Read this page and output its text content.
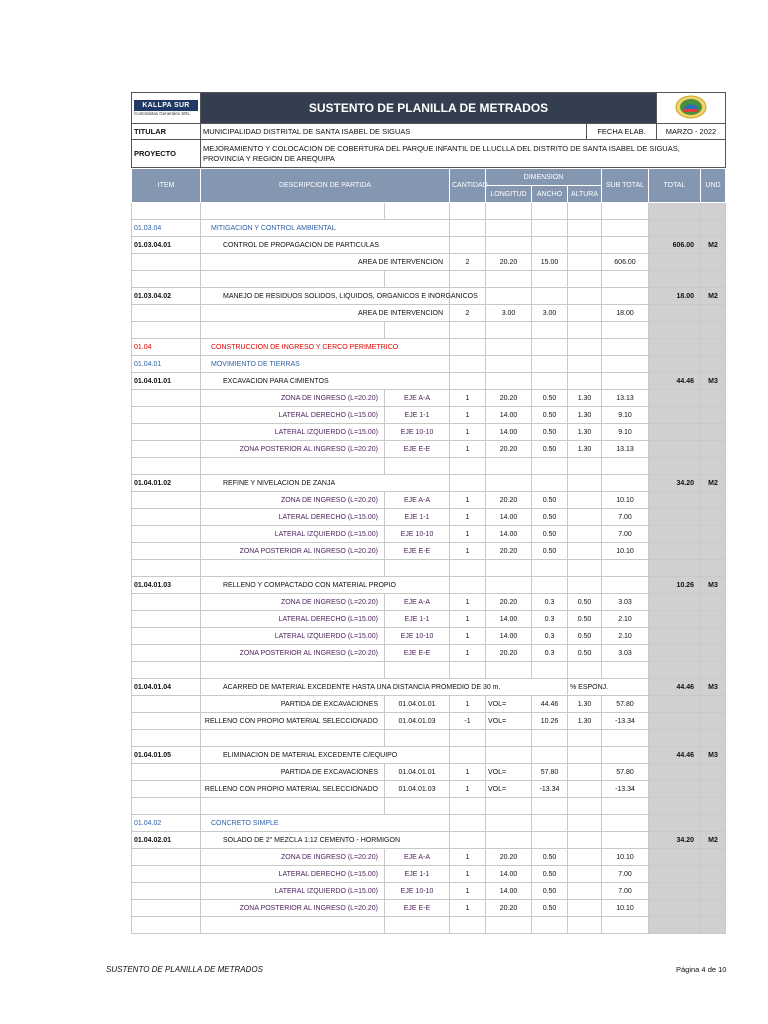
KALLPA SUR
Contratistas Generales SRL	SUSTENTO DE PLANILLA DE METRADOS	
TITULAR	MUNICIPALIDAD DISTRITAL DE SANTA ISABEL DE SIGUAS	FECHA ELAB.	MARZO - 2022
PROYECTO	MEJORAMIENTO Y COLOCACION DE COBERTURA DEL PARQUE INFANTIL DE LLUCLLA DEL DISTRITO DE SANTA ISABEL DE SIGUAS, PROVINCIA Y REGION DE AREQUIPA		
ITEM	DESCRIPCION DE PARTIDA		CANTIDAD	DIMENSION			SUB TOTAL	TOTAL	UND
				LONGITUD	ANCHO	ALTURA			

01.03.04	MITIGACION Y CONTROL AMBIENTAL								
01.03.04.01	CONTROL DE PROPAGACION DE PARTICULAS							606.00	M2
	AREA DE INTERVENCION		2	20.20	15.00		606.00		

01.03.04.02	MANEJO DE RESIDUOS SOLIDOS, LIQUIDOS, ORGANICOS E INORGANICOS							18.00	M2
	AREA DE INTERVENCION		2	3.00	3.00		18.00		

01.04	CONSTRUCCION DE INGRESO Y CERCO PERIMETRICO								
01.04.01	MOVIMIENTO DE TIERRAS								
01.04.01.01	EXCAVACION PARA CIMIENTOS							44.46	M3
	ZONA DE INGRESO (L=20.20)	EJE A-A	1	20.20	0.50	1.30	13.13		
	LATERAL DERECHO (L=15.00)	EJE 1-1	1	14.00	0.50	1.30	9.10		
	LATERAL IZQUIERDO (L=15.00)	EJE 10-10	1	14.00	0.50	1.30	9.10		
	ZONA POSTERIOR AL INGRESO (L=20.20)	EJE E-E	1	20.20	0.50	1.30	13.13		

01.04.01.02	REFINE Y NIVELACION DE ZANJA							34.20	M2
	ZONA DE INGRESO (L=20.20)	EJE A-A	1	20.20	0.50		10.10		
	LATERAL DERECHO (L=15.00)	EJE 1-1	1	14.00	0.50		7.00		
	LATERAL IZQUIERDO (L=15.00)	EJE 10-10	1	14.00	0.50		7.00		
	ZONA POSTERIOR AL INGRESO (L=20.20)	EJE E-E	1	20.20	0.50		10.10		

01.04.01.03	RELLENO Y COMPACTADO CON MATERIAL PROPIO							10.26	M3
	ZONA DE INGRESO (L=20.20)	EJE A-A	1	20.20	0.3	0.50	3.03		
	LATERAL DERECHO (L=15.00)	EJE 1-1	1	14.00	0.3	0.50	2.10		
	LATERAL IZQUIERDO (L=15.00)	EJE 10-10	1	14.00	0.3	0.50	2.10		
	ZONA POSTERIOR AL INGRESO (L=20.20)	EJE E-E	1	20.20	0.3	0.50	3.03		

01.04.01.04	ACARREO DE MATERIAL EXCEDENTE HASTA UNA DISTANCIA PROMEDIO DE 30 m.					% ESPONJ.		44.46	M3
	PARTIDA DE EXCAVACIONES	01.04.01.01	1	VOL=	44.46	1.30	57.80		
	RELLENO CON PROPIO MATERIAL SELECCIONADO	01.04.01.03	-1	VOL=	10.26	1.30	-13.34		

01.04.01.05	ELIMINACION DE MATERIAL EXCEDENTE C/EQUIPO							44.46	M3
	PARTIDA DE EXCAVACIONES	01.04.01.01	1	VOL=	57.80		57.80		
	RELLENO CON PROPIO MATERIAL SELECCIONADO	01.04.01.03	1	VOL=	-13.34		-13.34		

01.04.02	CONCRETO SIMPLE								
01.04.02.01	SOLADO DE 2" MEZCLA 1:12 CEMENTO - HORMIGON							34.20	M2
	ZONA DE INGRESO (L=20.20)	EJE A-A	1	20.20	0.50		10.10		
	LATERAL DERECHO (L=15.00)	EJE 1-1	1	14.00	0.50		7.00		
	LATERAL IZQUIERDO (L=15.00)	EJE 10-10	1	14.00	0.50		7.00		
	ZONA POSTERIOR AL INGRESO (L=20.20)	EJE E-E	1	20.20	0.50		10.10		

SUSTENTO DE PLANILLA DE METRADOS	Página 4 de 10
